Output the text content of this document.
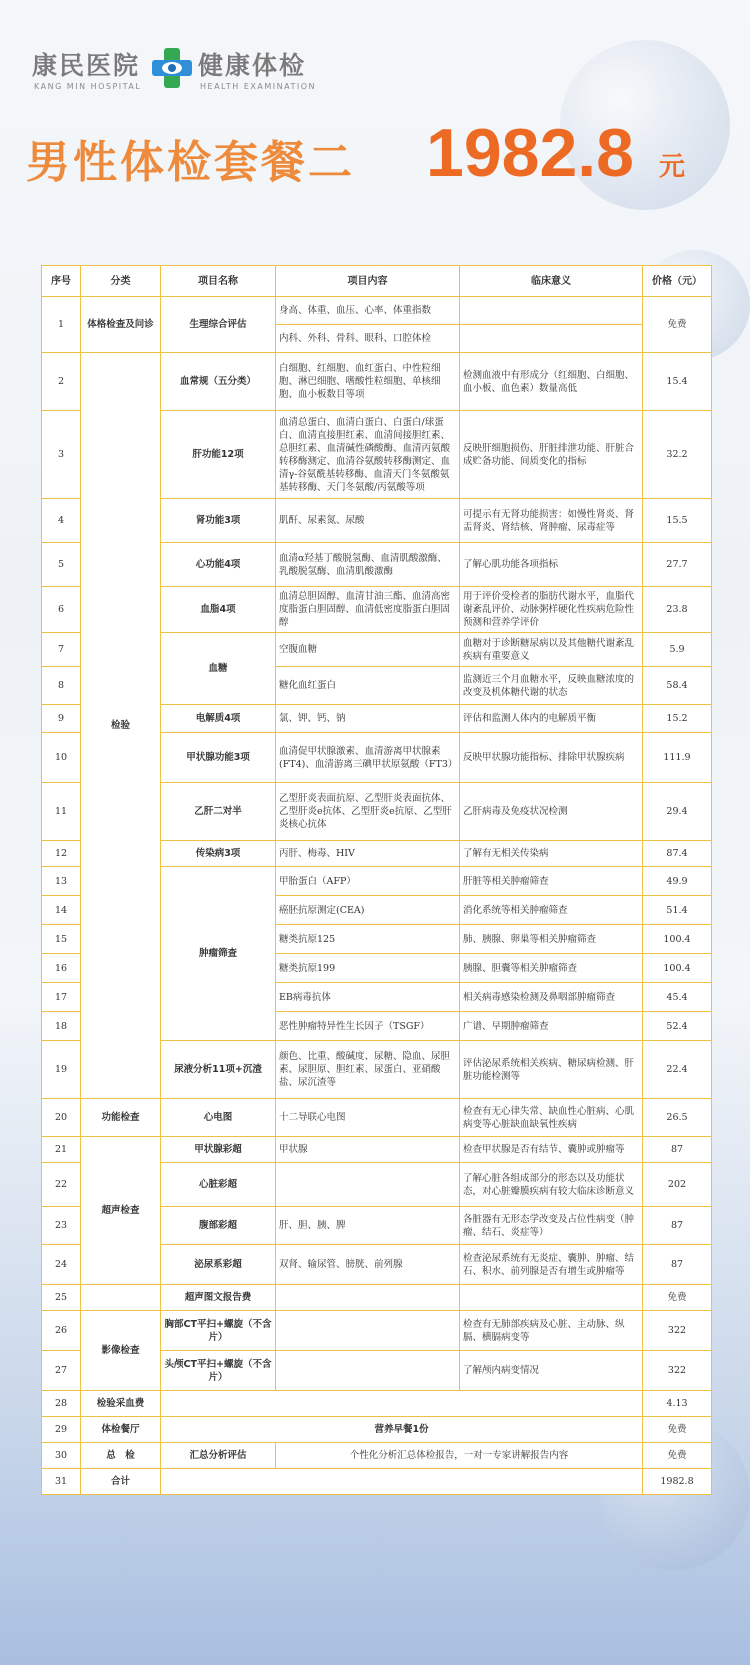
康民医院
KANG MIN HOSPITAL
健康体检
HEALTH EXAMINATION
男性体检套餐二 1982.8 元
序号	分类	项目名称	项目内容	临床意义	价格（元）
1	体格检查及问诊	生理综合评估	身高、体重、血压、心率、体重指数		免费
			内科、外科、骨科、眼科、口腔体检		
2	检验	血常规（五分类）	白细胞、红细胞、血红蛋白、中性粒细胞、淋巴细胞、嗜酸性粒细胞、单核细胞、血小板数目等项	检测血液中有形成分（红细胞、白细胞、血小板、血色素）数量高低	15.4
3		肝功能12项	血清总蛋白、血清白蛋白、白蛋白/球蛋白、血清直接胆红素、血清间接胆红素、总胆红素、血清碱性磷酸酶、血清丙氨酸转移酶测定、血清谷氨酸转移酶测定、血清γ-谷氨酰基转移酶、血清天门冬氨酸氨基转移酶、天门冬氨酸/丙氨酸等项	反映肝细胞损伤、肝脏排泄功能、肝脏合成贮备功能、间质变化的指标	32.2
4		肾功能3项	肌酐、尿素氮、尿酸	可提示有无肾功能损害：如慢性肾炎、肾盂肾炎、肾结核、肾肿瘤、尿毒症等	15.5
5		心功能4项	血清α羟基丁酸脱氢酶、血清肌酸激酶、乳酸脱氢酶、血清肌酸激酶	了解心肌功能各项指标	27.7
6		血脂4项	血清总胆固醇、血清甘油三酯、血清高密度脂蛋白胆固醇、血清低密度脂蛋白胆固醇	用于评价受检者的脂肪代谢水平，血脂代谢紊乱评价、动脉粥样硬化性疾病危险性预测和营养学评价	23.8
7		血糖	空腹血糖	血糖对于诊断糖尿病以及其他糖代谢紊乱疾病有重要意义	5.9
8			糖化血红蛋白	监测近三个月血糖水平，反映血糖浓度的改变及机体糖代谢的状态	58.4
9		电解质4项	氯、钾、钙、钠	评估和监测人体内的电解质平衡	15.2
10		甲状腺功能3项	血清促甲状腺激素、血清游离甲状腺素(FT4)、血清游离三碘甲状原氨酸（FT3）	反映甲状腺功能指标、排除甲状腺疾病	111.9
11		乙肝二对半	乙型肝炎表面抗原、乙型肝炎表面抗体、乙型肝炎e抗体、乙型肝炎e抗原、乙型肝炎核心抗体	乙肝病毒及免疫状况检测	29.4
12		传染病3项	丙肝、梅毒、HIV	了解有无相关传染病	87.4
13		肿瘤筛查	甲胎蛋白（AFP）	肝脏等相关肿瘤筛查	49.9
14			癌胚抗原测定(CEA)	消化系统等相关肿瘤筛查	51.4
15			糖类抗原125	肺、胰腺、卵巢等相关肿瘤筛查	100.4
16			糖类抗原199	胰腺、胆囊等相关肿瘤筛查	100.4
17			EB病毒抗体	相关病毒感染检测及鼻咽部肿瘤筛查	45.4
18			恶性肿瘤特异性生长因子（TSGF）	广谱、早期肿瘤筛查	52.4
19		尿液分析11项+沉渣	颜色、比重、酸碱度、尿糖、隐血、尿胆素、尿胆原、胆红素、尿蛋白、亚硝酸盐、尿沉渣等	评估泌尿系统相关疾病、糖尿病检测、肝脏功能检测等	22.4
20	功能检查	心电图	十二导联心电图	检查有无心律失常、缺血性心脏病、心肌病变等心脏缺血缺氧性疾病	26.5
21	超声检查	甲状腺彩超	甲状腺	检查甲状腺是否有结节、囊肿或肿瘤等	87
22		心脏彩超		了解心脏各组成部分的形态以及功能状态，对心脏瓣膜疾病有较大临床诊断意义	202
23		腹部彩超	肝、胆、胰、脾	各脏器有无形态学改变及占位性病变（肿瘤、结石、炎症等）	87
24		泌尿系彩超	双肾、输尿管、膀胱、前列腺	检查泌尿系统有无炎症、囊肿、肿瘤、结石、积水、前列腺是否有增生或肿瘤等	87
25		超声图文报告费			免费
26	影像检查	胸部CT平扫+螺旋（不含片）		检查有无肺部疾病及心脏、主动脉、纵膈、横膈病变等	322
27		头颅CT平扫+螺旋（不含片）		了解颅内病变情况	322
28	检验采血费				4.13
29	体检餐厅	营养早餐1份			免费
30	总　检	汇总分析评估	个性化分析汇总体检报告，一对一专家讲解报告内容		免费
31	合计				1982.8
